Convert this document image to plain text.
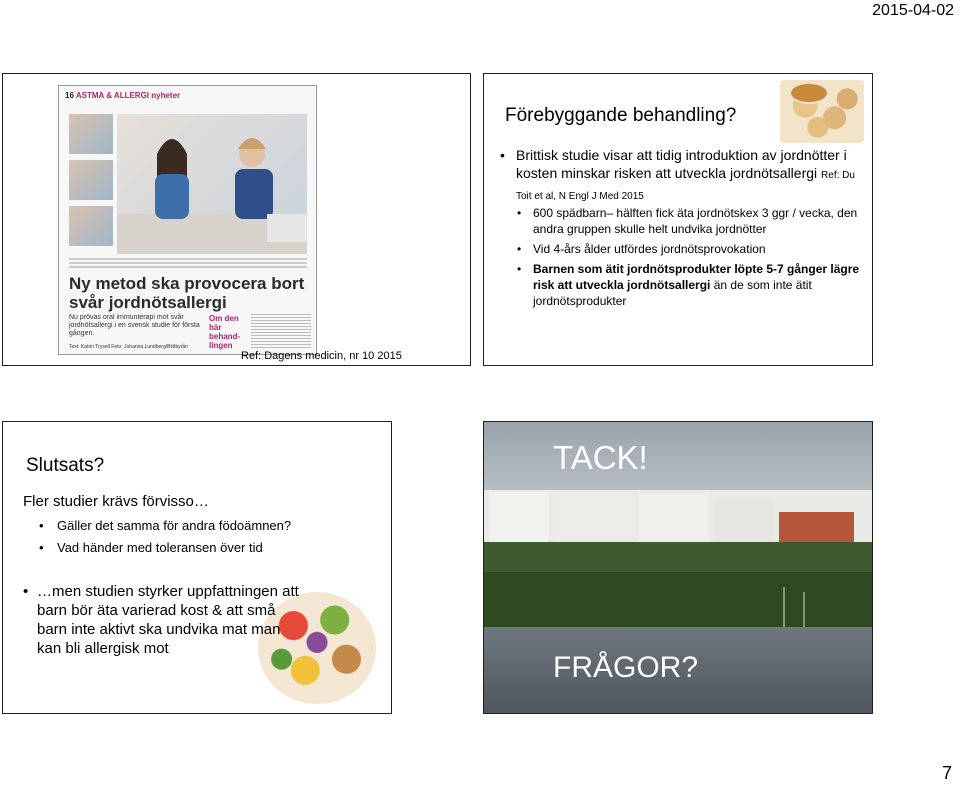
2015-04-02
16 ASTMA & ALLERGI nyheter
Ny metod ska provocera bort svår jordnötsallergi
Nu prövas oral immunterapi mot svår jordnötsallergi i en svensk studie för första gången.
Text: Katrin Trysell Foto: Johanna Lundberg/Bildbyrån
Om den här behand-lingen
Ref: Dagens medicin, nr 10 2015
Förebyggande behandling?
• Brittisk studie visar att tidig introduktion av jordnötter i kosten minskar risken att utveckla jordnötsallergi Ref: Du Toit et al, N Engl J Med 2015
• 600 spädbarn– hälften fick äta jordnötskex 3 ggr / vecka, den andra gruppen skulle helt undvika jordnötter
• Vid 4-års ålder utfördes jordnötsprovokation
• Barnen som ätit jordnötsprodukter löpte 5-7 gånger lägre risk att utveckla jordnötsallergi än de som inte ätit jordnötsprodukter
Slutsats?
Fler studier krävs förvisso…
• Gäller det samma för andra födoämnen?
• Vad händer med toleransen över tid
• …men studien styrker uppfattningen att barn bör äta varierad kost & att små barn inte aktivt ska undvika mat man kan bli allergisk mot
TACK!
FRÅGOR?
7
